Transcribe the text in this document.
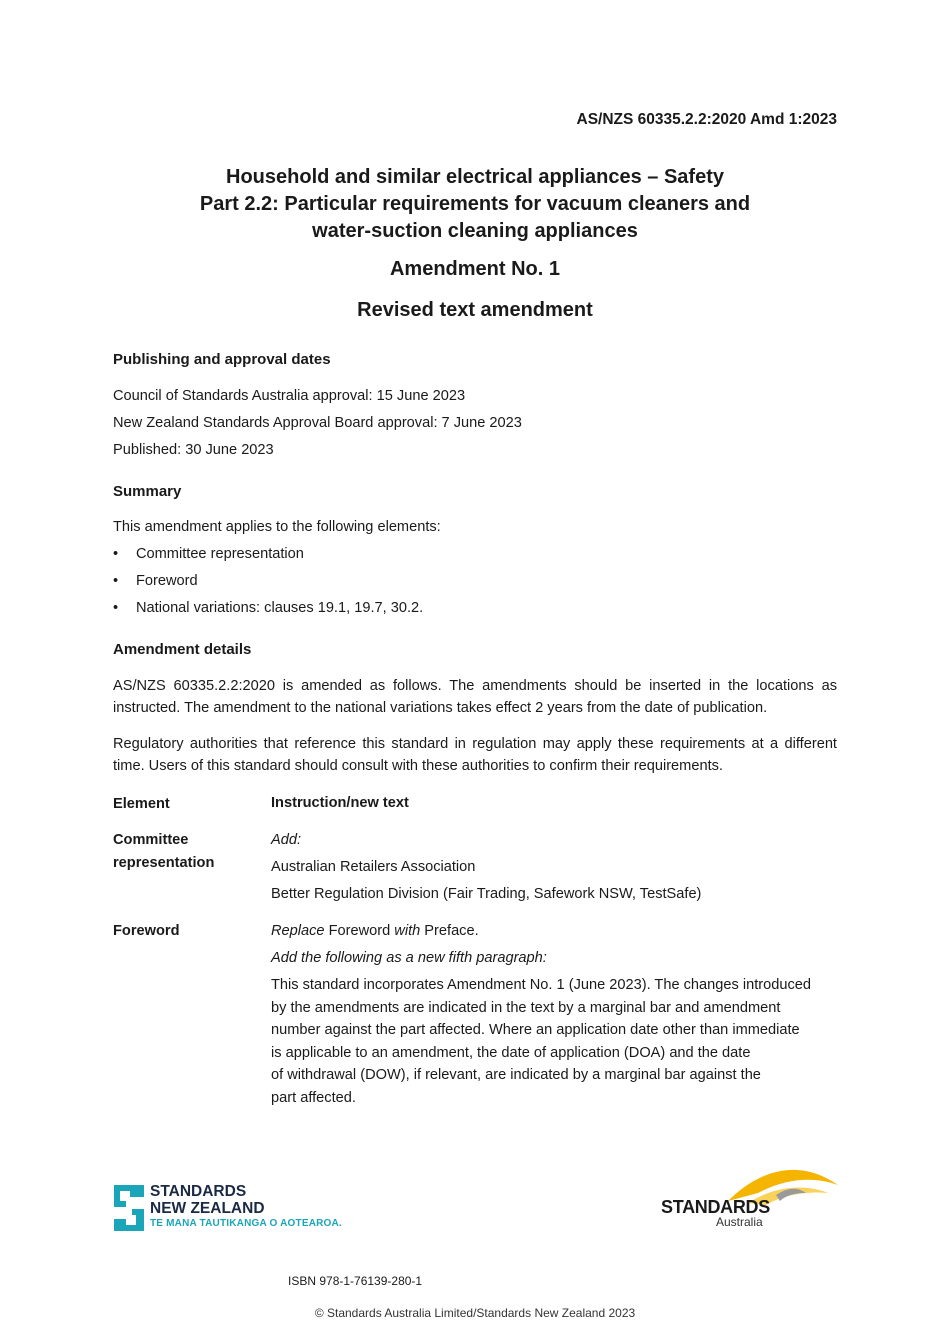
AS/NZS 60335.2.2:2020 Amd 1:2023
Household and similar electrical appliances – Safety
Part 2.2: Particular requirements for vacuum cleaners and
water-suction cleaning appliances
Amendment No. 1
Revised text amendment
Publishing and approval dates
Council of Standards Australia approval: 15 June 2023
New Zealand Standards Approval Board approval: 7 June 2023
Published: 30 June 2023
Summary
This amendment applies to the following elements:
• Committee representation
• Foreword
• National variations: clauses 19.1, 19.7, 30.2.
Amendment details
AS/NZS 60335.2.2:2020 is amended as follows. The amendments should be inserted in the locations as instructed. The amendment to the national variations takes effect 2 years from the date of publication.
Regulatory authorities that reference this standard in regulation may apply these requirements at a different time. Users of this standard should consult with these authorities to confirm their requirements.
Element	Instruction/new text
Committee
representation
Add:
Australian Retailers Association
Better Regulation Division (Fair Trading, Safework NSW, TestSafe)
Foreword	Replace Foreword with Preface.
Add the following as a new fifth paragraph:
This standard incorporates Amendment No. 1 (June 2023). The changes introduced
by the amendments are indicated in the text by a marginal bar and amendment
number against the part affected. Where an application date other than immediate
is applicable to an amendment, the date of application (DOA) and the date
of withdrawal (DOW), if relevant, are indicated by a marginal bar against the
part affected.
STANDARDS
NEW ZEALAND
TE MANA TAUTIKANGA O AOTEAROA.
STANDARDS
Australia
ISBN 978-1-76139-280-1
© Standards Australia Limited/Standards New Zealand 2023
